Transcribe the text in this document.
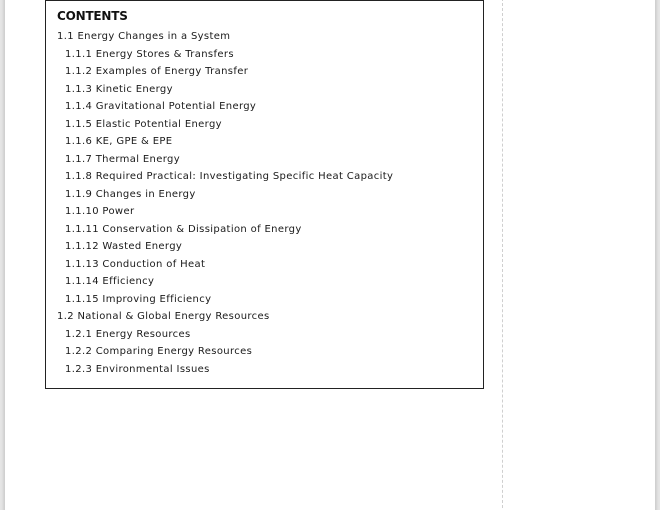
CONTENTS
1.1 Energy Changes in a System
1.1.1 Energy Stores & Transfers
1.1.2 Examples of Energy Transfer
1.1.3 Kinetic Energy
1.1.4 Gravitational Potential Energy
1.1.5 Elastic Potential Energy
1.1.6 KE, GPE & EPE
1.1.7 Thermal Energy
1.1.8 Required Practical: Investigating Specific Heat Capacity
1.1.9 Changes in Energy
1.1.10 Power
1.1.11 Conservation & Dissipation of Energy
1.1.12 Wasted Energy
1.1.13 Conduction of Heat
1.1.14 Efficiency
1.1.15 Improving Efficiency
1.2 National & Global Energy Resources
1.2.1 Energy Resources
1.2.2 Comparing Energy Resources
1.2.3 Environmental Issues
